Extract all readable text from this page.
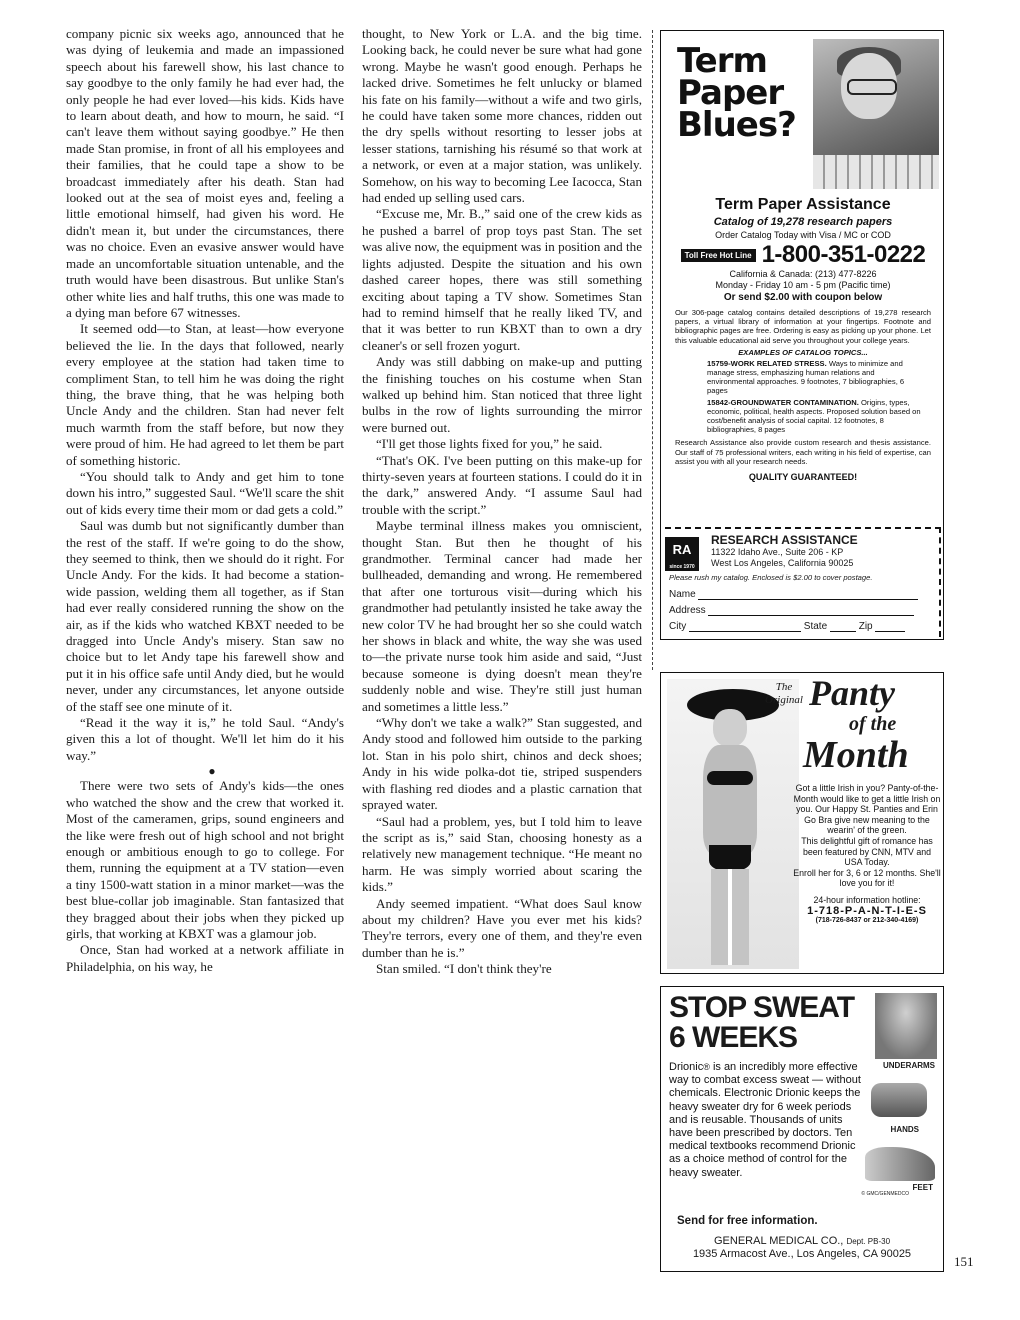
company picnic six weeks ago, announced that he was dying of leukemia and made an impassioned speech about his farewell show, his last chance to say goodbye to the only family he had ever had, the only people he had ever loved—his kids. Kids have to learn about death, and how to mourn, he said. “I can't leave them without saying goodbye.” He then made Stan promise, in front of all his employees and their families, that he could tape a show to be broadcast immediately after his death. Stan had looked out at the sea of moist eyes and, feeling a little emotional himself, had given his word. He didn't mean it, but under the circumstances, there was no choice. Even an evasive answer would have made an uncomfortable situation untenable, and the truth would have been disastrous. But unlike Stan's other white lies and half truths, this one was made to a dying man before 67 witnesses.

It seemed odd—to Stan, at least—how everyone believed the lie. In the days that followed, nearly every employee at the station had taken time to compliment Stan, to tell him he was doing the right thing, the brave thing, that he was helping both Uncle Andy and the children. Stan had never felt much warmth from the staff before, but now they were proud of him. He had agreed to let them be part of something historic.

“You should talk to Andy and get him to tone down his intro,” suggested Saul. “We'll scare the shit out of kids every time their mom or dad gets a cold.”

Saul was dumb but not significantly dumber than the rest of the staff. If we're going to do the show, they seemed to think, then we should do it right. For Uncle Andy. For the kids. It had become a station-wide passion, welding them all together, as if Stan had ever really considered running the show on the air, as if the kids who watched KBXT needed to be dragged into Uncle Andy's misery. Stan saw no choice but to let Andy tape his farewell show and put it in his office safe until Andy died, but he would never, under any circumstances, let anyone outside of the staff see one minute of it.

“Read it the way it is,” he told Saul. “Andy's given this a lot of thought. We'll let him do it his way.”

●

There were two sets of Andy's kids—the ones who watched the show and the crew that worked it. Most of the cameramen, grips, sound engineers and the like were fresh out of high school and not bright enough or ambitious enough to go to college. For them, running the equipment at a TV station—even a tiny 1500-watt station in a minor market—was the best blue-collar job imaginable. Stan fantasized that they bragged about their jobs when they picked up girls, that working at KBXT was a glamour job.

Once, Stan had worked at a network affiliate in Philadelphia, on his way, he

thought, to New York or L.A. and the big time. Looking back, he could never be sure what had gone wrong. Maybe he wasn't good enough. Perhaps he lacked drive. Sometimes he felt unlucky or blamed his fate on his family—without a wife and two girls, he could have taken some more chances, ridden out the dry spells without resorting to lesser jobs at lesser stations, tarnishing his résumé so that work at a network, or even at a major station, was unlikely. Somehow, on his way to becoming Lee Iacocca, Stan had ended up selling used cars.

“Excuse me, Mr. B.,” said one of the crew kids as he pushed a barrel of prop toys past Stan. The set was alive now, the equipment was in position and the lights adjusted. Despite the situation and his own dashed career hopes, there was still something exciting about taping a TV show. Sometimes Stan had to remind himself that he really liked TV, and that it was better to run KBXT than to own a dry cleaner's or sell frozen yogurt.

Andy was still dabbing on make-up and putting the finishing touches on his costume when Stan walked up behind him. Stan noticed that three light bulbs in the row of lights surrounding the mirror were burned out.

“I'll get those lights fixed for you,” he said.

“That's OK. I've been putting on this make-up for thirty-seven years at fourteen stations. I could do it in the dark,” answered Andy. “I assume Saul had trouble with the script.”

Maybe terminal illness makes you omniscient, thought Stan. But then he thought of his grandmother. Terminal cancer had made her bullheaded, demanding and wrong. He remembered that after one torturous visit—during which his grandmother had petulantly insisted he take away the new color TV he had brought her so she could watch her shows in black and white, the way she was used to—the private nurse took him aside and said, “Just because someone is dying doesn't mean they're suddenly noble and wise. They're still just human and sometimes a little less.”

“Why don't we take a walk?” Stan suggested, and Andy stood and followed him outside to the parking lot. Stan in his polo shirt, chinos and deck shoes; Andy in his wide polka-dot tie, striped suspenders with flashing red diodes and a plastic carnation that sprayed water.

“Saul had a problem, yes, but I told him to leave the script as is,” said Stan, choosing honesty as a relatively new management technique. “He meant no harm. He was simply worried about scaring the kids.”

Andy seemed impatient. “What does Saul know about my children? Have you ever met his kids? They're terrors, every one of them, and they're even dumber than he is.”

Stan smiled. “I don't think they're

Term
Paper
Blues?
Term Paper Assistance
Catalog of 19,278 research papers
Order Catalog Today with Visa / MC or COD
Toll Free Hot Line 1-800-351-0222
California & Canada: (213) 477-8226
Monday - Friday 10 am - 5 pm (Pacific time)
Or send $2.00 with coupon below
Our 306-page catalog contains detailed descriptions of 19,278 research papers, a virtual library of information at your fingertips. Footnote and bibliographic pages are free. Ordering is easy as picking up your phone. Let this valuable educational aid serve you throughout your college years.
EXAMPLES OF CATALOG TOPICS...
15759-WORK RELATED STRESS. Ways to minimize and manage stress, emphasizing human relations and environmental approaches. 9 footnotes, 7 bibliographies, 6 pages
15842-GROUNDWATER CONTAMINATION. Origins, types, economic, political, health aspects. Proposed solution based on cost/benefit analysis of social capital. 12 footnotes, 8 bibliographies, 8 pages
Research Assistance also provide custom research and thesis assistance. Our staff of 75 professional writers, each writing in his field of expertise, can assist you with all your research needs.
QUALITY GUARANTEED!
RA
since 1970
RESEARCH ASSISTANCE
11322 Idaho Ave., Suite 206 - KP
West Los Angeles, California 90025
Please rush my catalog. Enclosed is $2.00 to cover postage.
Name
Address
City	State	Zip
The
Original Panty
of the
Month

Got a little Irish in you? Panty-of-the-Month would like to get a little Irish on you. Our Happy St. Panties and Erin Go Bra give new meaning to the wearin' of the green.

This delightful gift of romance has been featured by CNN, MTV and USA Today.

Enroll her for 3, 6 or 12 months. She'll love you for it!

24-hour information hotline:

1-718-P-A-N-T-I-E-S

(718-726-8437 or 212-340-4169)

STOP SWEAT
6 WEEKS
UNDERARMS
HANDS
FEET
© GMC/GENMEDCO
Drionic® is an incredibly more effective way to combat excess sweat — without chemicals. Electronic Drionic keeps the heavy sweater dry for 6 week periods and is reusable. Thousands of units have been prescribed by doctors. Ten medical textbooks recommend Drionic as a choice method of control for the heavy sweater.
Send for free information.
GENERAL MEDICAL CO., Dept. PB-30
1935 Armacost Ave., Los Angeles, CA 90025	151
